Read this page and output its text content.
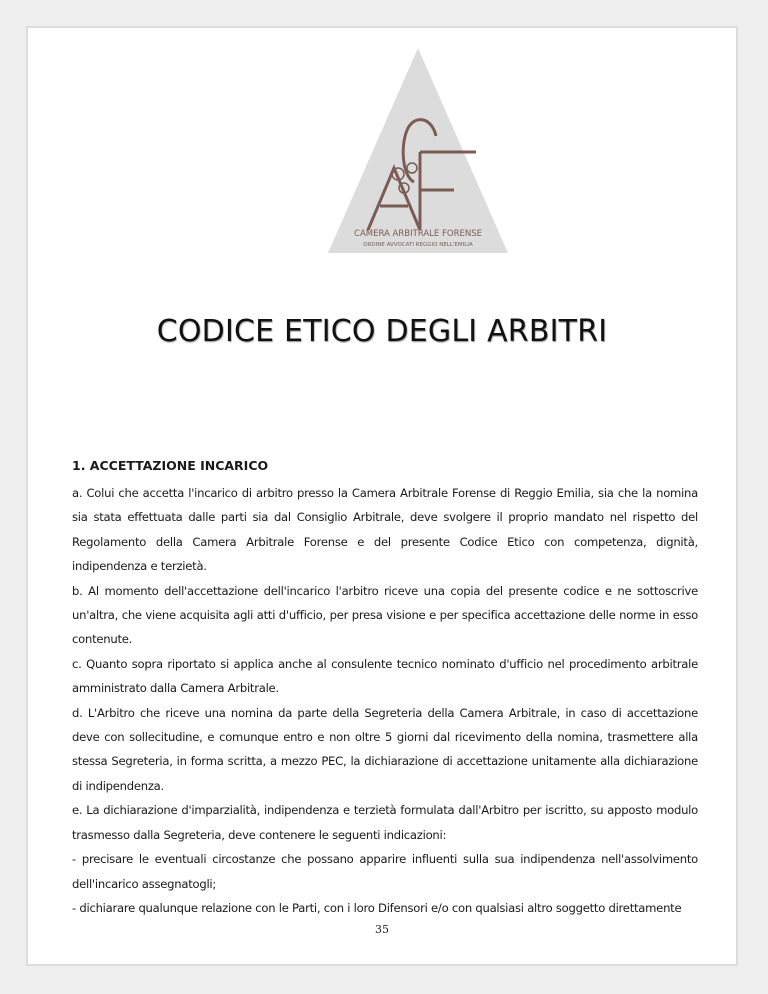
CAMERA ARBITRALE FORENSE
ORDINE AVVOCATI REGGIO NELL'EMILIA
CODICE ETICO DEGLI ARBITRI
1. ACCETTAZIONE INCARICO

a. Colui che accetta l'incarico di arbitro presso la Camera Arbitrale Forense di Reggio Emilia, sia che la nomina sia stata effettuata dalle parti sia dal Consiglio Arbitrale, deve svolgere il proprio mandato nel rispetto del Regolamento della Camera Arbitrale Forense e del presente Codice Etico con competenza, dignità, indipendenza e terzietà.

b. Al momento dell'accettazione dell'incarico l'arbitro riceve una copia del presente codice e ne sottoscrive un'altra, che viene acquisita agli atti d'ufficio, per presa visione e per specifica accettazione delle norme in esso contenute.

c. Quanto sopra riportato si applica anche al consulente tecnico nominato d'ufficio nel procedimento arbitrale amministrato dalla Camera Arbitrale.

d. L'Arbitro che riceve una nomina da parte della Segreteria della Camera Arbitrale, in caso di accettazione deve con sollecitudine, e comunque entro e non oltre 5 giorni dal ricevimento della nomina, trasmettere alla stessa Segreteria, in forma scritta, a mezzo PEC, la dichiarazione di accettazione unitamente alla dichiarazione di indipendenza.

e. La dichiarazione d'imparzialità, indipendenza e terzietà formulata dall'Arbitro per iscritto, su apposto modulo trasmesso dalla Segreteria, deve contenere le seguenti indicazioni:

- precisare le eventuali circostanze che possano apparire influenti sulla sua indipendenza nell'assolvimento dell'incarico assegnatogli;

- dichiarare qualunque relazione con le Parti, con i loro Difensori e/o con qualsiasi altro soggetto direttamente

35
